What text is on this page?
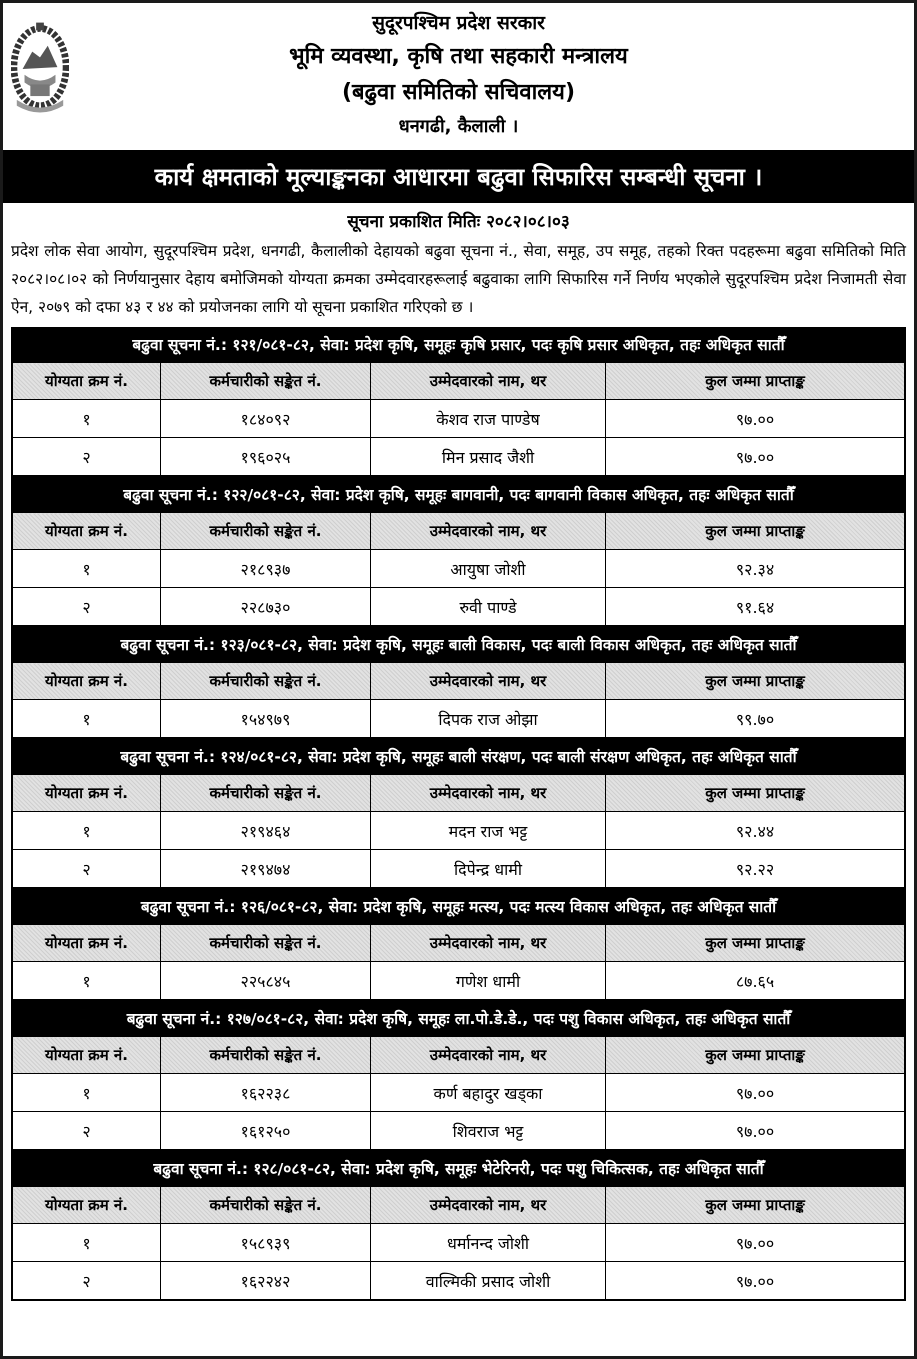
सुदूरपश्चिम प्रदेश सरकार
भूमि व्यवस्था, कृषि तथा सहकारी मन्त्रालय
(बढुवा समितिको सचिवालय)
धनगढी, कैलाली ।
कार्य क्षमताको मूल्याङ्कनका आधारमा बढुवा सिफारिस सम्बन्धी सूचना ।
सूचना प्रकाशित मितिः २०८२।०८।०३
प्रदेश लोक सेवा आयोग, सुदूरपश्चिम प्रदेश, धनगढी, कैलालीको देहायको बढुवा सूचना नं., सेवा, समूह, उप समूह, तहको रिक्त पदहरूमा बढुवा समितिको मिति २०८२।०८।०२ को निर्णयानुसार देहाय बमोजिमको योग्यता क्रमका उम्मेदवारहरूलाई बढुवाका लागि सिफारिस गर्ने निर्णय भएकोले सुदूरपश्चिम प्रदेश निजामती सेवा ऐन, २०७९ को दफा ४३ र ४४ को प्रयोजनका लागि यो सूचना प्रकाशित गरिएको छ ।
बढुवा सूचना नं.: १२१/०८१-८२, सेवा: प्रदेश कृषि, समूहः कृषि प्रसार, पदः कृषि प्रसार अधिकृत, तहः अधिकृत सातौँ
योग्यता क्रम नं.	कर्मचारीको सङ्केत नं.	उम्मेदवारको नाम, थर	कुल जम्मा प्राप्ताङ्क
१	१८४०९२	केशव राज पाण्डेष	९७.००
२	१९६०२५	मिन प्रसाद जैशी	९७.००
बढुवा सूचना नं.: १२२/०८१-८२, सेवा: प्रदेश कृषि, समूहः बागवानी, पदः बागवानी विकास अधिकृत, तहः अधिकृत सातौँ
योग्यता क्रम नं.	कर्मचारीको सङ्केत नं.	उम्मेदवारको नाम, थर	कुल जम्मा प्राप्ताङ्क
१	२१८९३७	आयुषा जोशी	९२.३४
२	२२८७३०	रुवी पाण्डे	९१.६४
बढुवा सूचना नं.: १२३/०८१-८२, सेवा: प्रदेश कृषि, समूहः बाली विकास, पदः बाली विकास अधिकृत, तहः अधिकृत सातौँ
योग्यता क्रम नं.	कर्मचारीको सङ्केत नं.	उम्मेदवारको नाम, थर	कुल जम्मा प्राप्ताङ्क
१	१५४९७९	दिपक राज ओझा	९९.७०
बढुवा सूचना नं.: १२४/०८१-८२, सेवा: प्रदेश कृषि, समूहः बाली संरक्षण, पदः बाली संरक्षण अधिकृत, तहः अधिकृत सातौँ
योग्यता क्रम नं.	कर्मचारीको सङ्केत नं.	उम्मेदवारको नाम, थर	कुल जम्मा प्राप्ताङ्क
१	२१९४६४	मदन राज भट्ट	९२.४४
२	२१९४७४	दिपेन्द्र धामी	९२.२२
बढुवा सूचना नं.: १२६/०८१-८२, सेवा: प्रदेश कृषि, समूहः मत्स्य, पदः मत्स्य विकास अधिकृत, तहः अधिकृत सातौँ
योग्यता क्रम नं.	कर्मचारीको सङ्केत नं.	उम्मेदवारको नाम, थर	कुल जम्मा प्राप्ताङ्क
१	२२५८४५	गणेश धामी	८७.६५
बढुवा सूचना नं.: १२७/०८१-८२, सेवा: प्रदेश कृषि, समूहः ला.पो.डे.डे., पदः पशु विकास अधिकृत, तहः अधिकृत सातौँ
योग्यता क्रम नं.	कर्मचारीको सङ्केत नं.	उम्मेदवारको नाम, थर	कुल जम्मा प्राप्ताङ्क
१	१६२२३८	कर्ण बहादुर खड्का	९७.००
२	१६१२५०	शिवराज भट्ट	९७.००
बढुवा सूचना नं.: १२८/०८१-८२, सेवा: प्रदेश कृषि, समूहः भेटेरिनरी, पदः पशु चिकित्सक, तहः अधिकृत सातौँ
योग्यता क्रम नं.	कर्मचारीको सङ्केत नं.	उम्मेदवारको नाम, थर	कुल जम्मा प्राप्ताङ्क
१	१५८९३९	धर्मानन्द जोशी	९७.००
२	१६२२४२	वाल्मिकी प्रसाद जोशी	९७.००
